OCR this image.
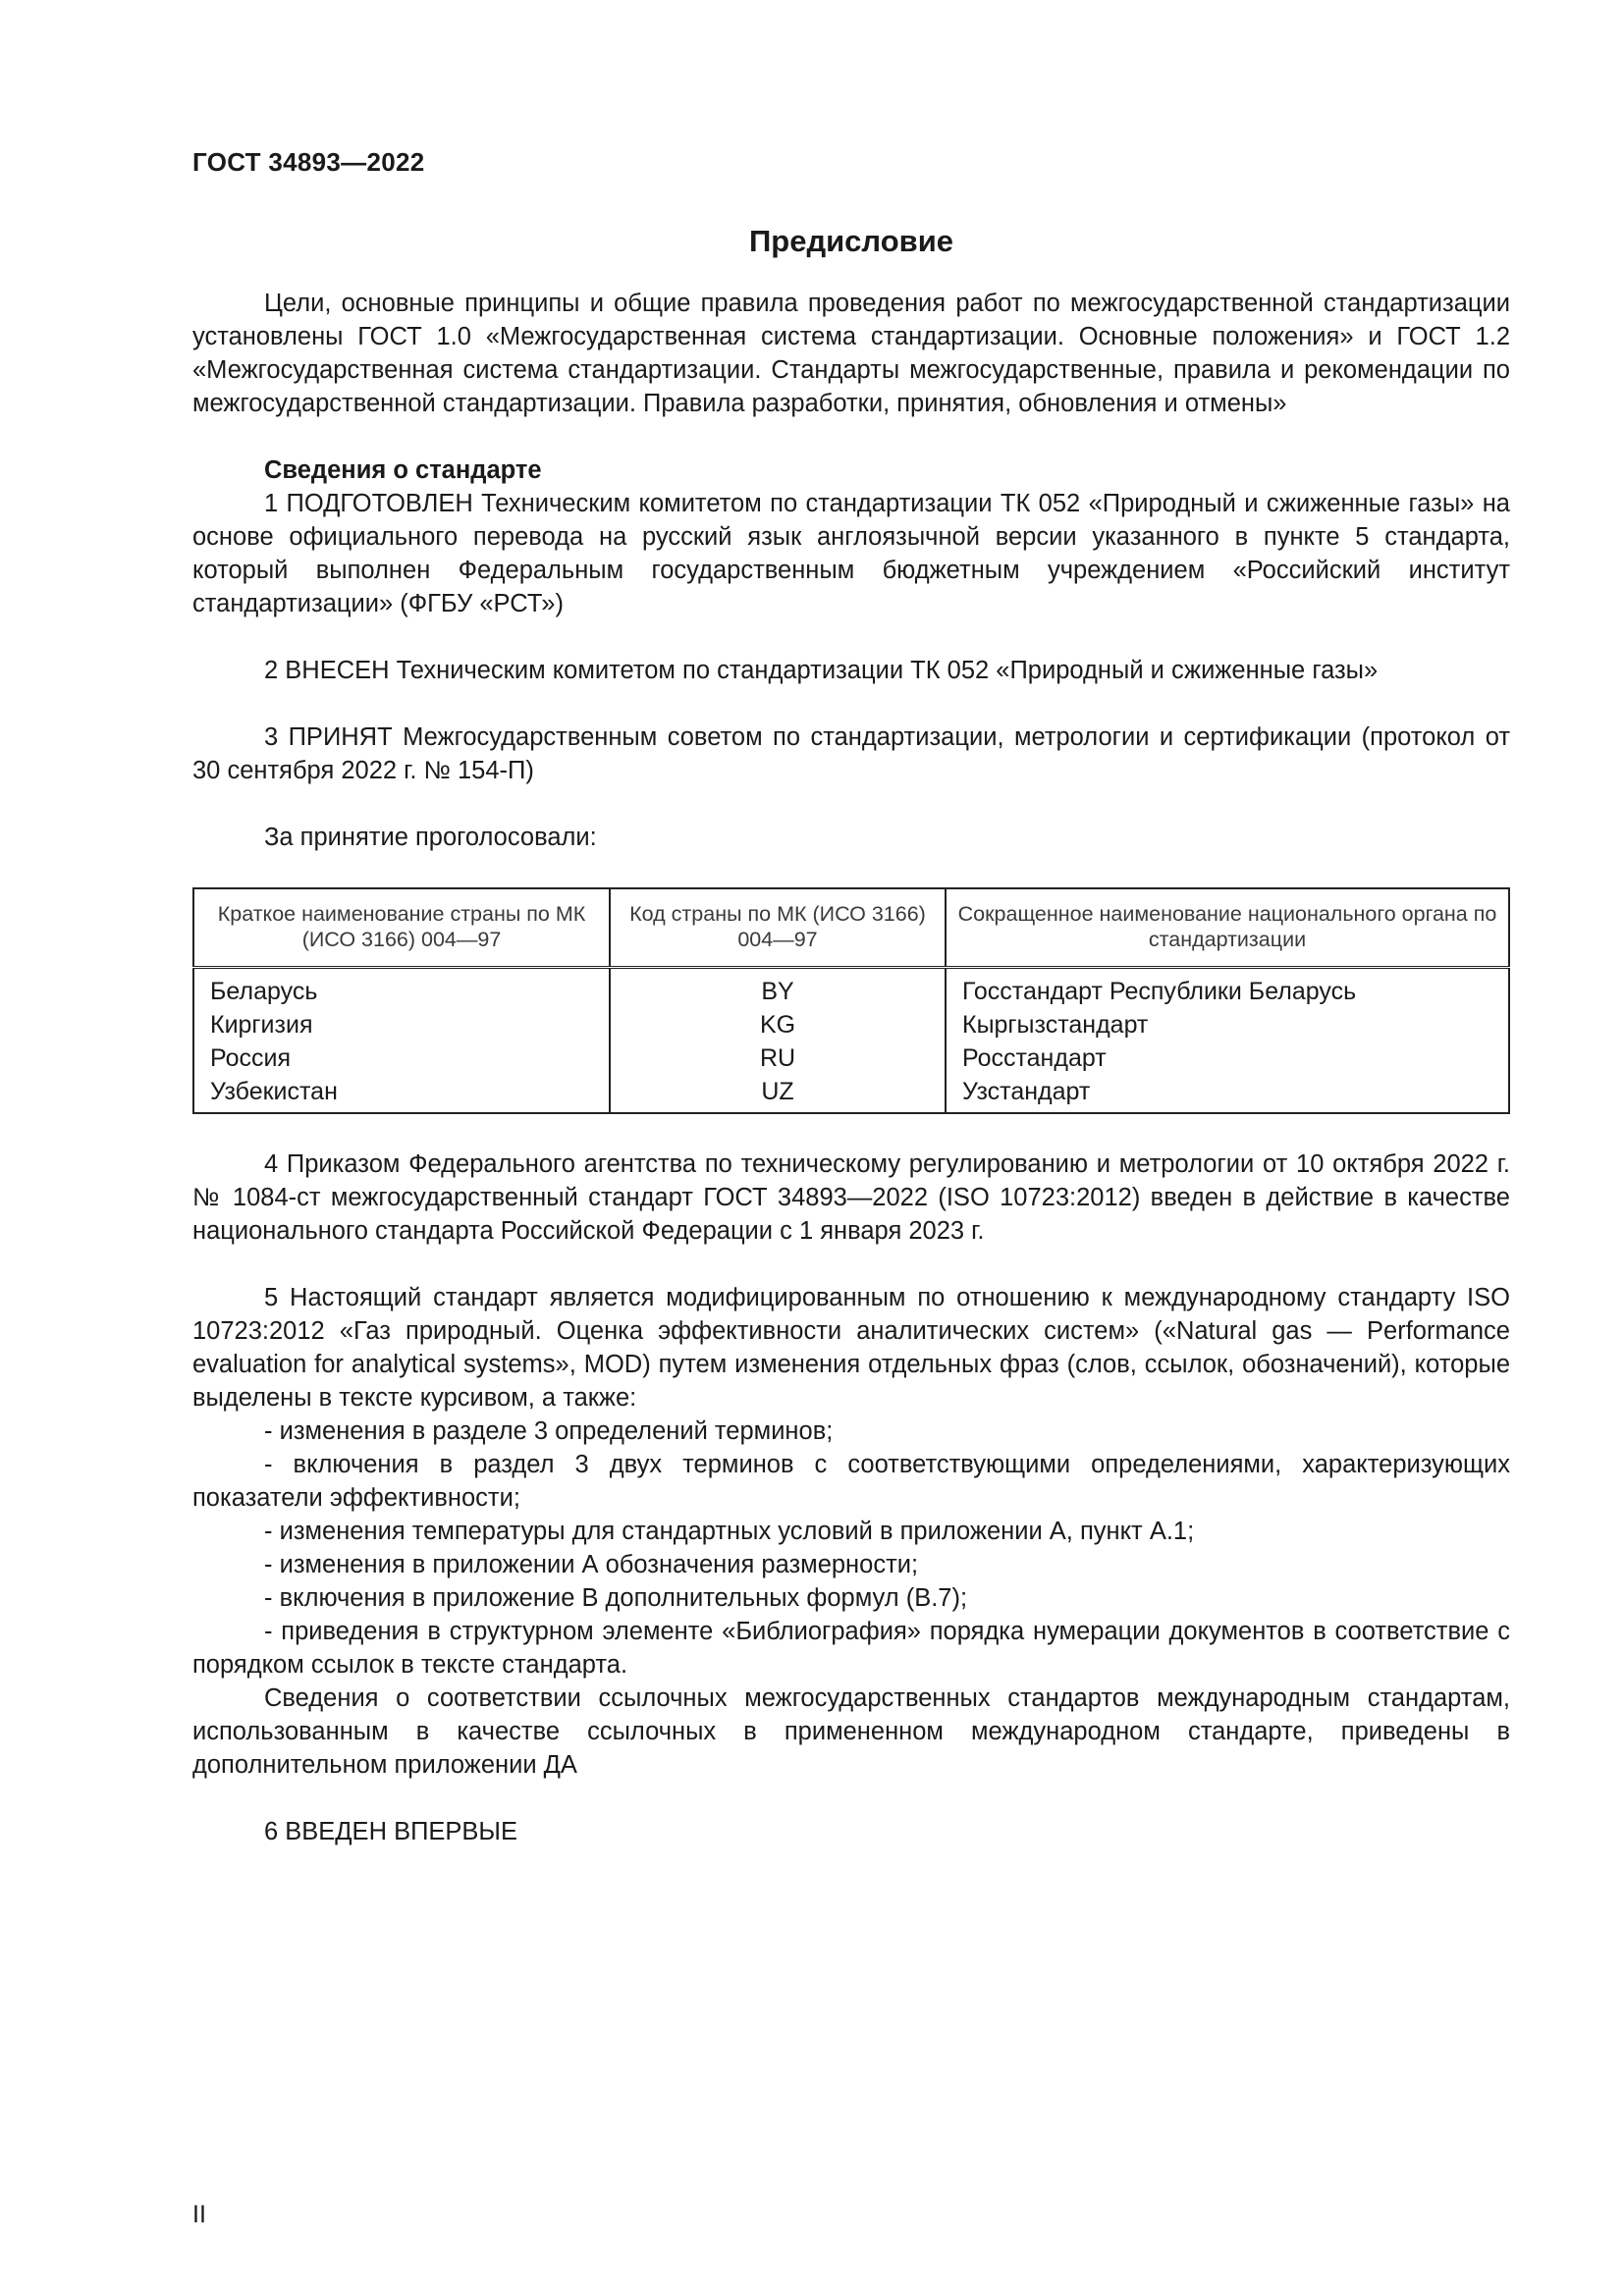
ГОСТ 34893—2022
Предисловие

Цели, основные принципы и общие правила проведения работ по межгосударственной стандартизации установлены ГОСТ 1.0 «Межгосударственная система стандартизации. Основные положения» и ГОСТ 1.2 «Межгосударственная система стандартизации. Стандарты межгосударственные, правила и рекомендации по межгосударственной стандартизации. Правила разработки, принятия, обновления и отмены»

Сведения о стандарте

1 ПОДГОТОВЛЕН Техническим комитетом по стандартизации ТК 052 «Природный и сжиженные газы» на основе официального перевода на русский язык англоязычной версии указанного в пункте 5 стандарта, который выполнен Федеральным государственным бюджетным учреждением «Российский институт стандартизации» (ФГБУ «РСТ»)

2 ВНЕСЕН Техническим комитетом по стандартизации ТК 052 «Природный и сжиженные газы»

3 ПРИНЯТ Межгосударственным советом по стандартизации, метрологии и сертификации (протокол от 30 сентября 2022 г. № 154-П)

За принятие проголосовали:

Краткое наименование страны по МК (ИСО 3166) 004—97	Код страны по МК (ИСО 3166) 004—97	Сокращенное наименование национального органа по стандартизации
Беларусь	BY	Госстандарт Республики Беларусь
Киргизия	KG	Кыргызстандарт
Россия	RU	Росстандарт
Узбекистан	UZ	Узстандарт

4 Приказом Федерального агентства по техническому регулированию и метрологии от 10 октября 2022 г. № 1084-ст межгосударственный стандарт ГОСТ 34893—2022 (ISO 10723:2012) введен в действие в качестве национального стандарта Российской Федерации с 1 января 2023 г.

5 Настоящий стандарт является модифицированным по отношению к международному стандарту ISO 10723:2012 «Газ природный. Оценка эффективности аналитических систем» («Natural gas — Performance evaluation for analytical systems», MOD) путем изменения отдельных фраз (слов, ссылок, обозначений), которые выделены в тексте курсивом, а также:

- изменения в разделе 3 определений терминов;

- включения в раздел 3 двух терминов с соответствующими определениями, характеризующих показатели эффективности;

- изменения температуры для стандартных условий в приложении А, пункт А.1;

- изменения в приложении А обозначения размерности;

- включения в приложение В дополнительных формул (В.7);

- приведения в структурном элементе «Библиография» порядка нумерации документов в соответствие с порядком ссылок в тексте стандарта.

Сведения о соответствии ссылочных межгосударственных стандартов международным стандартам, использованным в качестве ссылочных в примененном международном стандарте, приведены в дополнительном приложении ДА

6 ВВЕДЕН ВПЕРВЫЕ

II
